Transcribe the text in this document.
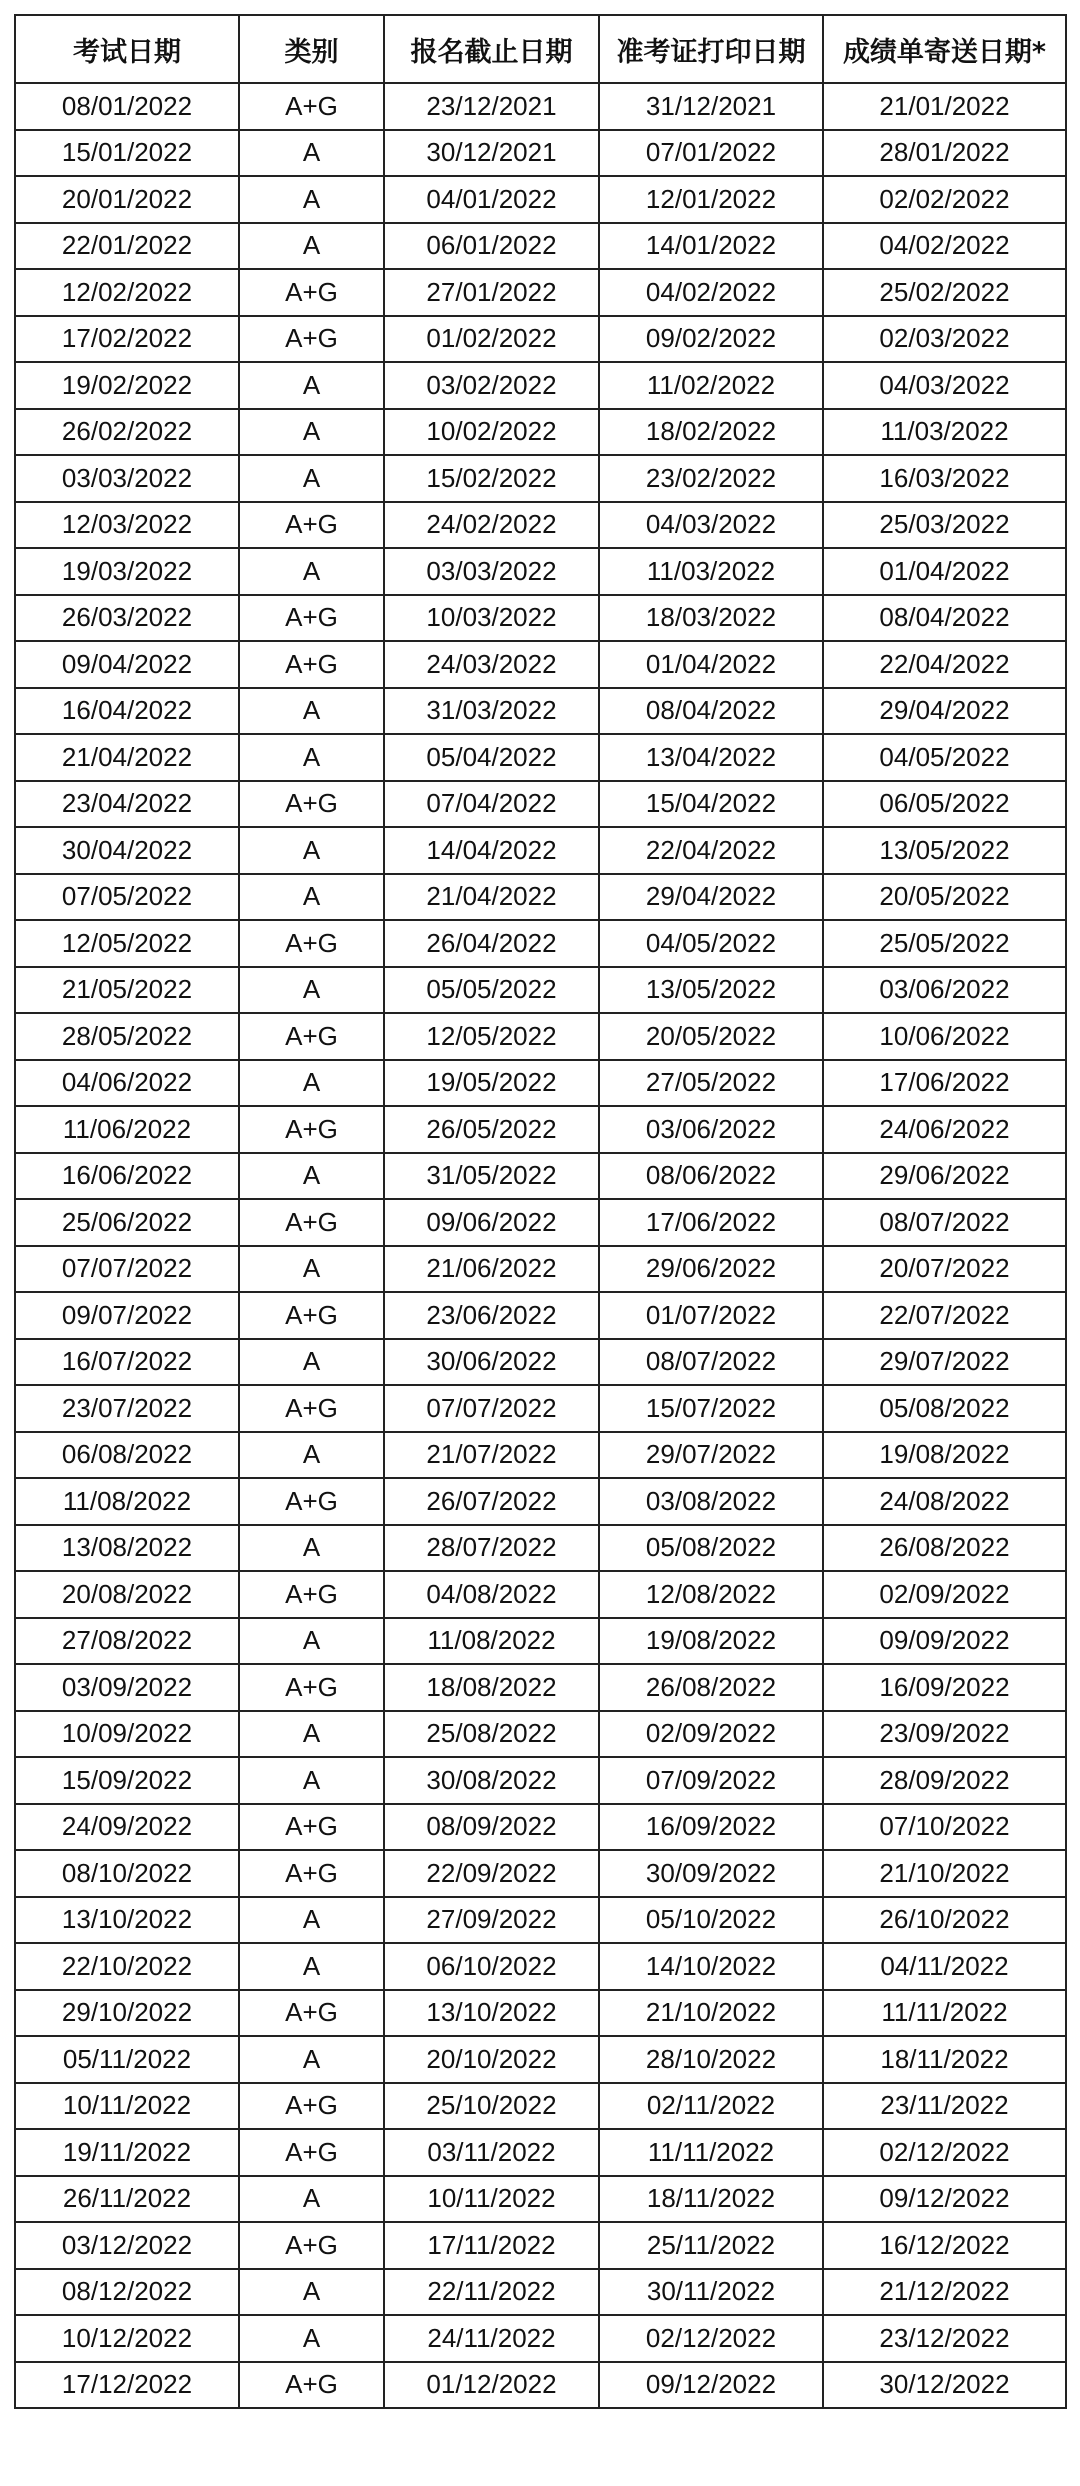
考试日期	类别	报名截止日期	准考证打印日期	成绩单寄送日期*
08/01/2022	A+G	23/12/2021	31/12/2021	21/01/2022
15/01/2022	A	30/12/2021	07/01/2022	28/01/2022
20/01/2022	A	04/01/2022	12/01/2022	02/02/2022
22/01/2022	A	06/01/2022	14/01/2022	04/02/2022
12/02/2022	A+G	27/01/2022	04/02/2022	25/02/2022
17/02/2022	A+G	01/02/2022	09/02/2022	02/03/2022
19/02/2022	A	03/02/2022	11/02/2022	04/03/2022
26/02/2022	A	10/02/2022	18/02/2022	11/03/2022
03/03/2022	A	15/02/2022	23/02/2022	16/03/2022
12/03/2022	A+G	24/02/2022	04/03/2022	25/03/2022
19/03/2022	A	03/03/2022	11/03/2022	01/04/2022
26/03/2022	A+G	10/03/2022	18/03/2022	08/04/2022
09/04/2022	A+G	24/03/2022	01/04/2022	22/04/2022
16/04/2022	A	31/03/2022	08/04/2022	29/04/2022
21/04/2022	A	05/04/2022	13/04/2022	04/05/2022
23/04/2022	A+G	07/04/2022	15/04/2022	06/05/2022
30/04/2022	A	14/04/2022	22/04/2022	13/05/2022
07/05/2022	A	21/04/2022	29/04/2022	20/05/2022
12/05/2022	A+G	26/04/2022	04/05/2022	25/05/2022
21/05/2022	A	05/05/2022	13/05/2022	03/06/2022
28/05/2022	A+G	12/05/2022	20/05/2022	10/06/2022
04/06/2022	A	19/05/2022	27/05/2022	17/06/2022
11/06/2022	A+G	26/05/2022	03/06/2022	24/06/2022
16/06/2022	A	31/05/2022	08/06/2022	29/06/2022
25/06/2022	A+G	09/06/2022	17/06/2022	08/07/2022
07/07/2022	A	21/06/2022	29/06/2022	20/07/2022
09/07/2022	A+G	23/06/2022	01/07/2022	22/07/2022
16/07/2022	A	30/06/2022	08/07/2022	29/07/2022
23/07/2022	A+G	07/07/2022	15/07/2022	05/08/2022
06/08/2022	A	21/07/2022	29/07/2022	19/08/2022
11/08/2022	A+G	26/07/2022	03/08/2022	24/08/2022
13/08/2022	A	28/07/2022	05/08/2022	26/08/2022
20/08/2022	A+G	04/08/2022	12/08/2022	02/09/2022
27/08/2022	A	11/08/2022	19/08/2022	09/09/2022
03/09/2022	A+G	18/08/2022	26/08/2022	16/09/2022
10/09/2022	A	25/08/2022	02/09/2022	23/09/2022
15/09/2022	A	30/08/2022	07/09/2022	28/09/2022
24/09/2022	A+G	08/09/2022	16/09/2022	07/10/2022
08/10/2022	A+G	22/09/2022	30/09/2022	21/10/2022
13/10/2022	A	27/09/2022	05/10/2022	26/10/2022
22/10/2022	A	06/10/2022	14/10/2022	04/11/2022
29/10/2022	A+G	13/10/2022	21/10/2022	11/11/2022
05/11/2022	A	20/10/2022	28/10/2022	18/11/2022
10/11/2022	A+G	25/10/2022	02/11/2022	23/11/2022
19/11/2022	A+G	03/11/2022	11/11/2022	02/12/2022
26/11/2022	A	10/11/2022	18/11/2022	09/12/2022
03/12/2022	A+G	17/11/2022	25/11/2022	16/12/2022
08/12/2022	A	22/11/2022	30/11/2022	21/12/2022
10/12/2022	A	24/11/2022	02/12/2022	23/12/2022
17/12/2022	A+G	01/12/2022	09/12/2022	30/12/2022
